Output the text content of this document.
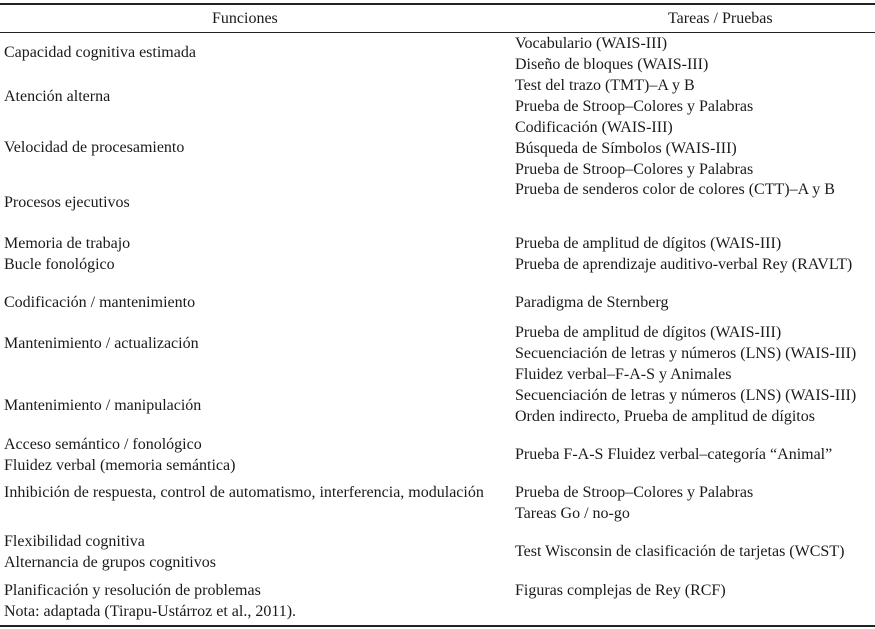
Funciones	Tareas / Pruebas
Capacidad cognitiva estimada
Atención alterna
Velocidad de procesamiento
Procesos ejecutivos
Memoria de trabajo
Bucle fonológico
Codificación / mantenimiento
Mantenimiento / actualización
Mantenimiento / manipulación
Acceso semántico / fonológico
Fluidez verbal (memoria semántica)
Inhibición de respuesta, control de automatismo, interferencia, modulación
Flexibilidad cognitiva
Alternancia de grupos cognitivos
Planificación y resolución de problemas
Nota: adaptada (Tirapu-Ustárroz et al., 2011).
Vocabulario (WAIS-III)
Diseño de bloques (WAIS-III)
Test del trazo (TMT)–A y B
Prueba de Stroop–Colores y Palabras
Codificación (WAIS-III)
Búsqueda de Símbolos (WAIS-III)
Prueba de Stroop–Colores y Palabras
Prueba de senderos color de colores (CTT)–A y B
Prueba de amplitud de dígitos (WAIS-III)
Prueba de aprendizaje auditivo-verbal Rey (RAVLT)
Paradigma de Sternberg
Prueba de amplitud de dígitos (WAIS-III)
Secuenciación de letras y números (LNS) (WAIS-III)
Fluidez verbal–F-A-S y Animales
Secuenciación de letras y números (LNS) (WAIS-III)
Orden indirecto, Prueba de amplitud de dígitos
Prueba F-A-S Fluidez verbal–categoría “Animal”
Prueba de Stroop–Colores y Palabras
Tareas Go / no-go
Test Wisconsin de clasificación de tarjetas (WCST)
Figuras complejas de Rey (RCF)
